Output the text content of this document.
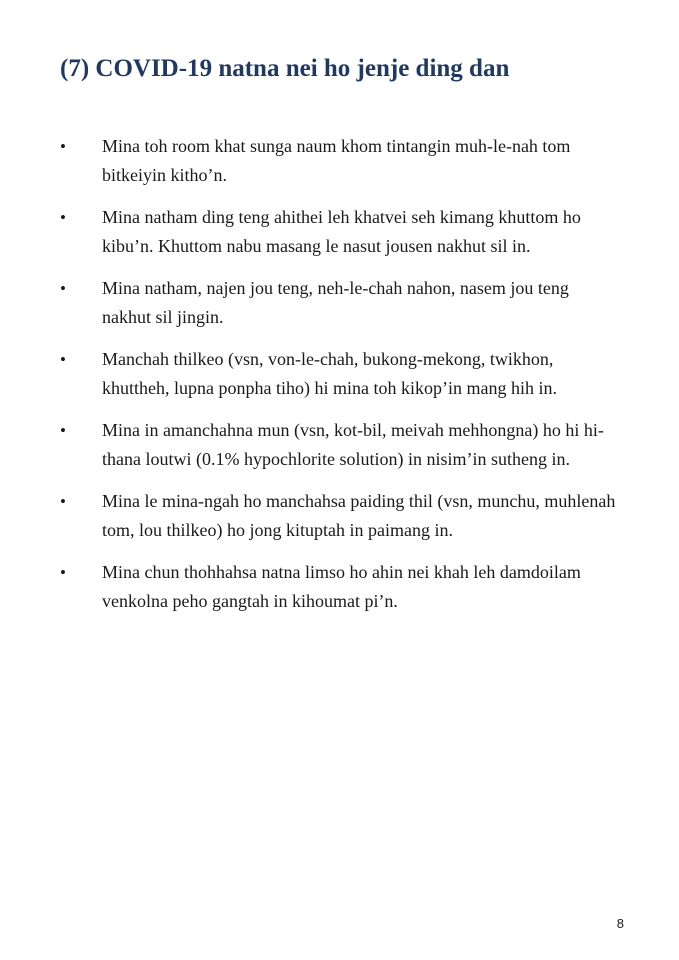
(7) COVID-19 natna nei ho jenje ding dan
• Mina toh room khat sunga naum khom tintangin muh-le-nah tom bitkeiyin kitho’n.
• Mina natham ding teng ahithei leh khatvei seh kimang khuttom ho kibu’n. Khuttom nabu masang le nasut jousen nakhut sil in.
• Mina natham, najen jou teng, neh-le-chah nahon, nasem jou teng nakhut sil jingin.
• Manchah thilkeo (vsn, von-le-chah, bukong-mekong, twikhon, khuttheh, lupna ponpha tiho) hi mina toh kikop’in mang hih in.
• Mina in amanchahna mun (vsn, kot-bil, meivah mehhongna) ho hi hi-thana loutwi (0.1% hypochlorite solution) in nisim’in sutheng in.
• Mina le mina-ngah ho manchahsa paiding thil (vsn, munchu, muhlenah tom, lou thilkeo) ho jong kituptah in paimang in.
• Mina chun thohhahsa natna limso ho ahin nei khah leh damdoilam venkolna peho gangtah in kihoumat pi’n.
8
